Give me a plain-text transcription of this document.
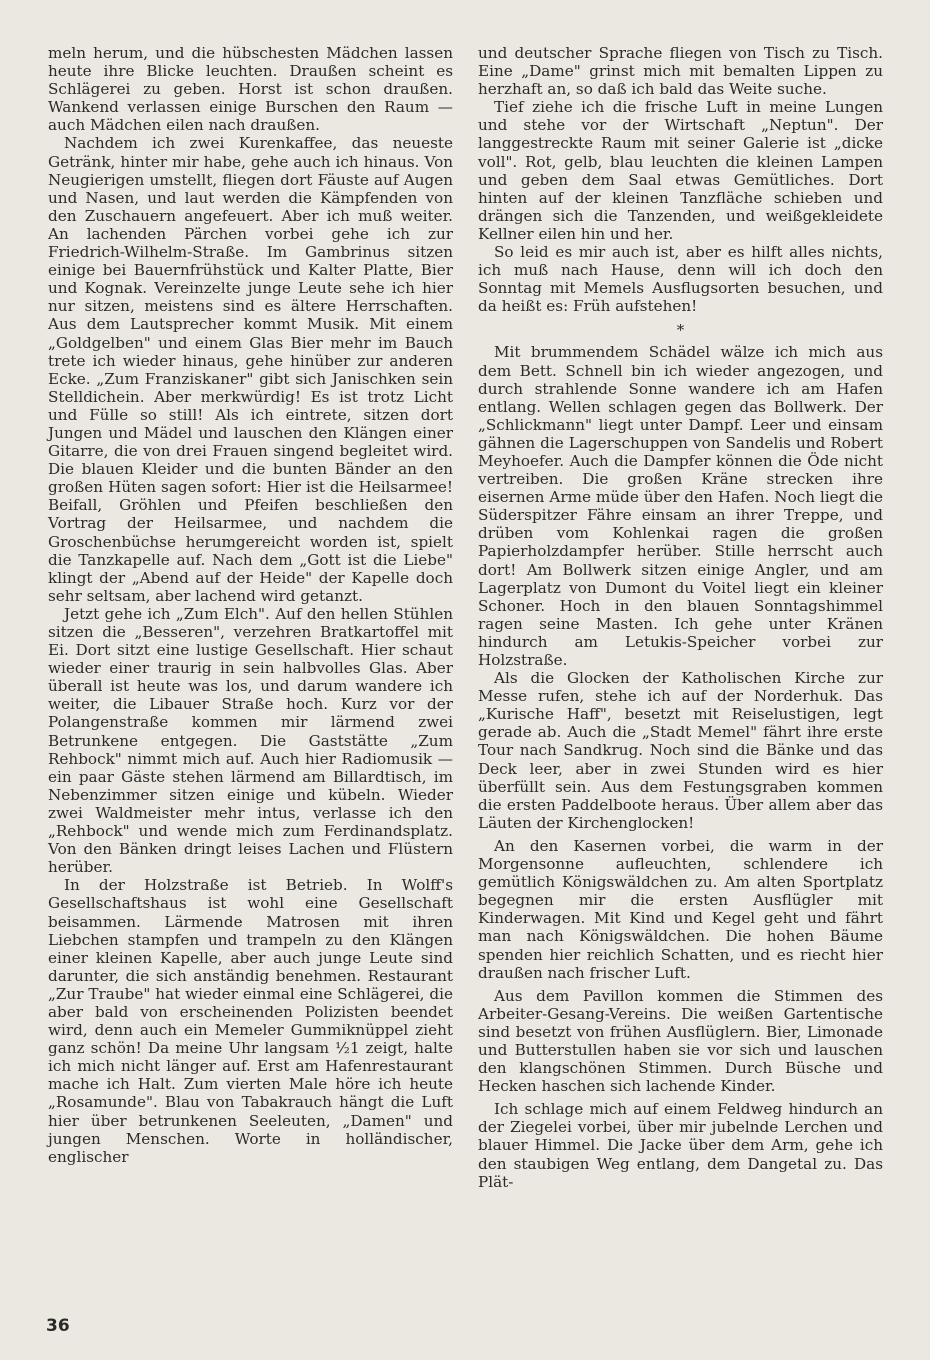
meln herum, und die hübschesten Mädchen lassen heute ihre Blicke leuchten. Draußen scheint es Schlägerei zu geben. Horst ist schon draußen. Wankend verlassen einige Burschen den Raum — auch Mädchen eilen nach draußen.

Nachdem ich zwei Kurenkaffee, das neueste Getränk, hinter mir habe, gehe auch ich hinaus. Von Neugierigen umstellt, fliegen dort Fäuste auf Augen und Nasen, und laut werden die Kämpfenden von den Zuschauern angefeuert. Aber ich muß weiter. An lachenden Pärchen vorbei gehe ich zur Friedrich-Wilhelm-Straße. Im Gambrinus sitzen einige bei Bauernfrühstück und Kalter Platte, Bier und Kognak. Vereinzelte junge Leute sehe ich hier nur sitzen, meistens sind es ältere Herrschaften. Aus dem Lautsprecher kommt Musik. Mit einem „Goldgelben" und einem Glas Bier mehr im Bauch trete ich wieder hinaus, gehe hinüber zur anderen Ecke. „Zum Franziskaner" gibt sich Janischken sein Stelldichein. Aber merkwürdig! Es ist trotz Licht und Fülle so still! Als ich eintrete, sitzen dort Jungen und Mädel und lauschen den Klängen einer Gitarre, die von drei Frauen singend begleitet wird. Die blauen Kleider und die bunten Bänder an den großen Hüten sagen sofort: Hier ist die Heilsarmee! Beifall, Gröhlen und Pfeifen beschließen den Vortrag der Heilsarmee, und nachdem die Groschenbüchse herumgereicht worden ist, spielt die Tanzkapelle auf. Nach dem „Gott ist die Liebe" klingt der „Abend auf der Heide" der Kapelle doch sehr seltsam, aber lachend wird getanzt.

Jetzt gehe ich „Zum Elch". Auf den hellen Stühlen sitzen die „Besseren", verzehren Bratkartoffel mit Ei. Dort sitzt eine lustige Gesellschaft. Hier schaut wieder einer traurig in sein halbvolles Glas. Aber überall ist heute was los, und darum wandere ich weiter, die Libauer Straße hoch. Kurz vor der Polangenstraße kommen mir lärmend zwei Betrunkene entgegen. Die Gaststätte „Zum Rehbock" nimmt mich auf. Auch hier Radiomusik — ein paar Gäste stehen lärmend am Billardtisch, im Nebenzimmer sitzen einige und kübeln. Wieder zwei Waldmeister mehr intus, verlasse ich den „Rehbock" und wende mich zum Ferdinandsplatz. Von den Bänken dringt leises Lachen und Flüstern herüber.

In der Holzstraße ist Betrieb. In Wolff's Gesellschaftshaus ist wohl eine Gesellschaft beisammen. Lärmende Matrosen mit ihren Liebchen stampfen und trampeln zu den Klängen einer kleinen Kapelle, aber auch junge Leute sind darunter, die sich anständig benehmen. Restaurant „Zur Traube" hat wieder einmal eine Schlägerei, die aber bald von erscheinenden Polizisten beendet wird, denn auch ein Memeler Gummiknüppel zieht ganz schön! Da meine Uhr langsam ½1 zeigt, halte ich mich nicht länger auf. Erst am Hafenrestaurant mache ich Halt. Zum vierten Male höre ich heute „Rosamunde". Blau von Tabakrauch hängt die Luft hier über betrunkenen Seeleuten, „Damen" und jungen Menschen. Worte in holländischer, englischer

und deutscher Sprache fliegen von Tisch zu Tisch. Eine „Dame" grinst mich mit bemalten Lippen zu herzhaft an, so daß ich bald das Weite suche.

Tief ziehe ich die frische Luft in meine Lungen und stehe vor der Wirtschaft „Neptun". Der langgestreckte Raum mit seiner Galerie ist „dicke voll". Rot, gelb, blau leuchten die kleinen Lampen und geben dem Saal etwas Gemütliches. Dort hinten auf der kleinen Tanzfläche schieben und drängen sich die Tanzenden, und weißgekleidete Kellner eilen hin und her.

So leid es mir auch ist, aber es hilft alles nichts, ich muß nach Hause, denn will ich doch den Sonntag mit Memels Ausflugsorten besuchen, und da heißt es: Früh aufstehen!

*

Mit brummendem Schädel wälze ich mich aus dem Bett. Schnell bin ich wieder angezogen, und durch strahlende Sonne wandere ich am Hafen entlang. Wellen schlagen gegen das Bollwerk. Der „Schlickmann" liegt unter Dampf. Leer und einsam gähnen die Lagerschuppen von Sandelis und Robert Meyhoefer. Auch die Dampfer können die Öde nicht vertreiben. Die großen Kräne strecken ihre eisernen Arme müde über den Hafen. Noch liegt die Süderspitzer Fähre einsam an ihrer Treppe, und drüben vom Kohlenkai ragen die großen Papierholzdampfer herüber. Stille herrscht auch dort! Am Bollwerk sitzen einige Angler, und am Lagerplatz von Dumont du Voitel liegt ein kleiner Schoner. Hoch in den blauen Sonntagshimmel ragen seine Masten. Ich gehe unter Kränen hindurch am Letukis-Speicher vorbei zur Holzstraße.

Als die Glocken der Katholischen Kirche zur Messe rufen, stehe ich auf der Norderhuk. Das „Kurische Haff", besetzt mit Reiselustigen, legt gerade ab. Auch die „Stadt Memel" fährt ihre erste Tour nach Sandkrug. Noch sind die Bänke und das Deck leer, aber in zwei Stunden wird es hier überfüllt sein. Aus dem Festungsgraben kommen die ersten Paddelboote heraus. Über allem aber das Läuten der Kirchenglocken!

An den Kasernen vorbei, die warm in der Morgensonne aufleuchten, schlendere ich gemütlich Königswäldchen zu. Am alten Sportplatz begegnen mir die ersten Ausflügler mit Kinderwagen. Mit Kind und Kegel geht und fährt man nach Königswäldchen. Die hohen Bäume spenden hier reichlich Schatten, und es riecht hier draußen nach frischer Luft.

Aus dem Pavillon kommen die Stimmen des Arbeiter-Gesang-Vereins. Die weißen Gartentische sind besetzt von frühen Ausflüglern. Bier, Limonade und Butterstullen haben sie vor sich und lauschen den klangschönen Stimmen. Durch Büsche und Hecken haschen sich lachende Kinder.

Ich schlage mich auf einem Feldweg hindurch an der Ziegelei vorbei, über mir jubelnde Lerchen und blauer Himmel. Die Jacke über dem Arm, gehe ich den staubigen Weg entlang, dem Dangetal zu. Das Plät-

36
